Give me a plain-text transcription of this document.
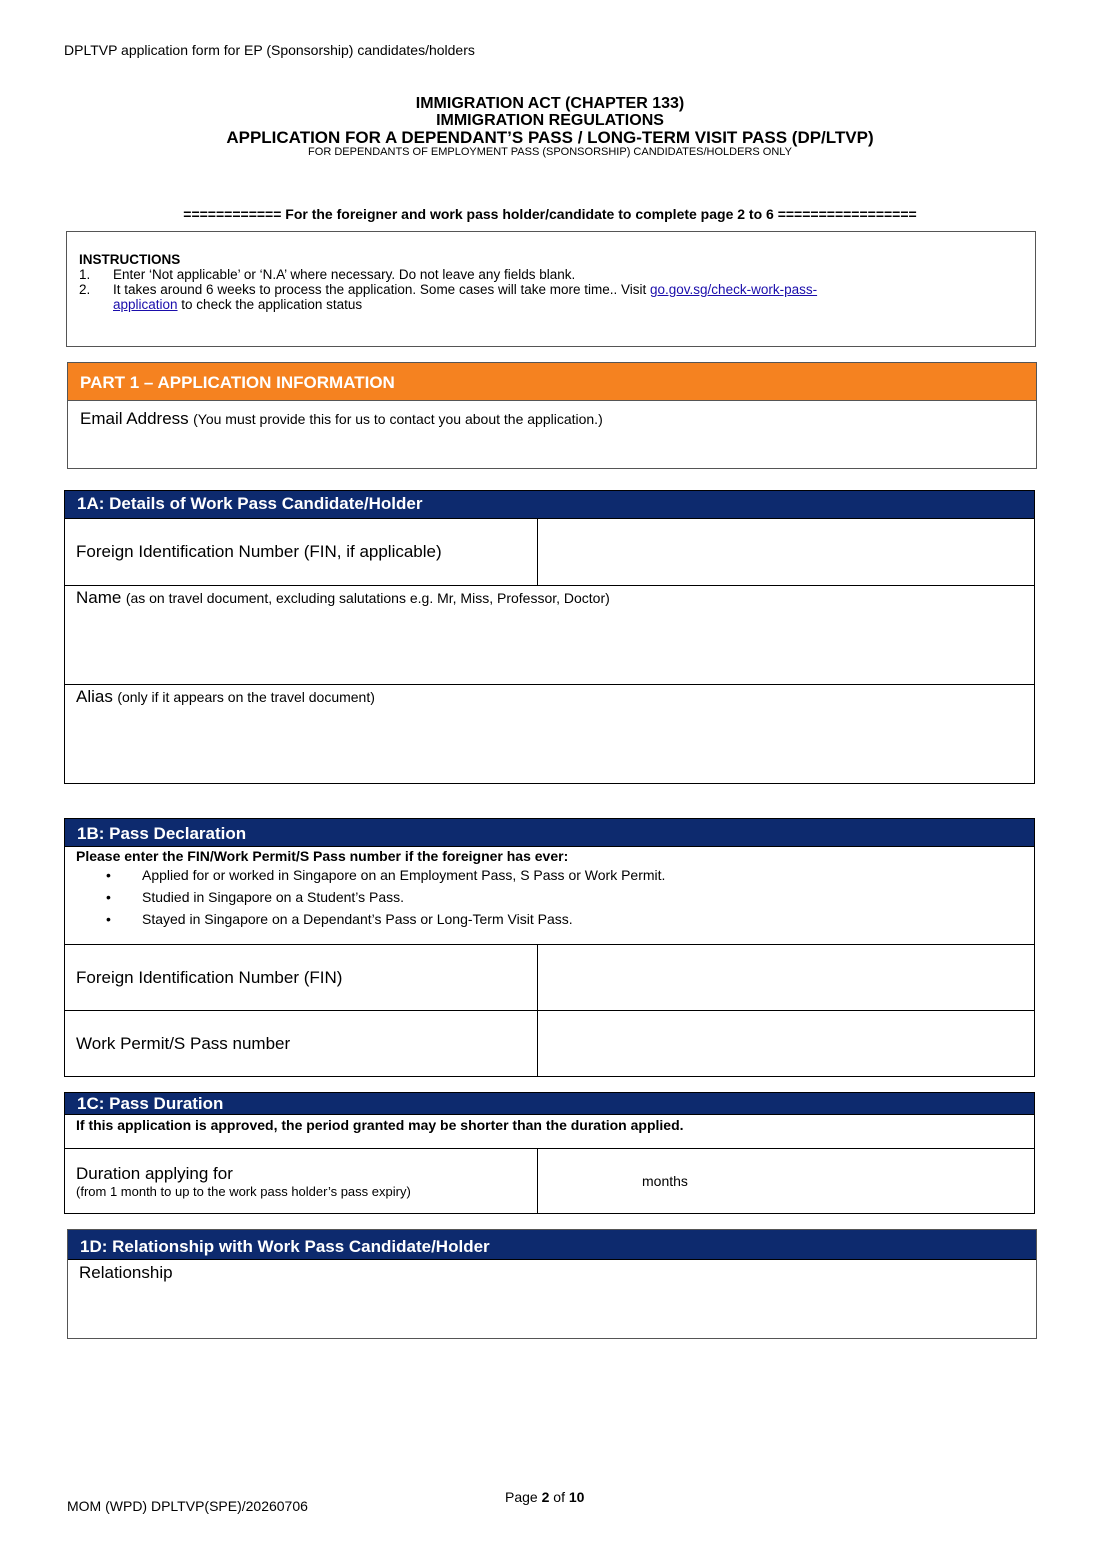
DPLTVP application form for EP (Sponsorship) candidates/holders
IMMIGRATION ACT (CHAPTER 133)
IMMIGRATION REGULATIONS
APPLICATION FOR A DEPENDANT’S PASS / LONG-TERM VISIT PASS (DP/LTVP)
FOR DEPENDANTS OF EMPLOYMENT PASS (SPONSORSHIP) CANDIDATES/HOLDERS ONLY
============ For the foreigner and work pass holder/candidate to complete page 2 to 6 =================
INSTRUCTIONS
1.	Enter ‘Not applicable’ or ‘N.A’ where necessary. Do not leave any fields blank.
2.	It takes around 6 weeks to process the application. Some cases will take more time.. Visit go.gov.sg/check-work-pass-
application to check the application status
PART 1 – APPLICATION INFORMATION
Email Address (You must provide this for us to contact you about the application.)
1A: Details of Work Pass Candidate/Holder
Foreign Identification Number (FIN, if applicable)
Name (as on travel document, excluding salutations e.g. Mr, Miss, Professor, Doctor)
Alias (only if it appears on the travel document)
1B: Pass Declaration
Please enter the FIN/Work Permit/S Pass number if the foreigner has ever:
•	Applied for or worked in Singapore on an Employment Pass, S Pass or Work Permit.
•	Studied in Singapore on a Student’s Pass.
•	Stayed in Singapore on a Dependant’s Pass or Long-Term Visit Pass.
Foreign Identification Number (FIN)
Work Permit/S Pass number
1C: Pass Duration
If this application is approved, the period granted may be shorter than the duration applied.
Duration applying for
(from 1 month to up to the work pass holder’s pass expiry)
months
1D: Relationship with Work Pass Candidate/Holder
Relationship
MOM (WPD) DPLTVP(SPE)/20260706
Page 2 of 10
